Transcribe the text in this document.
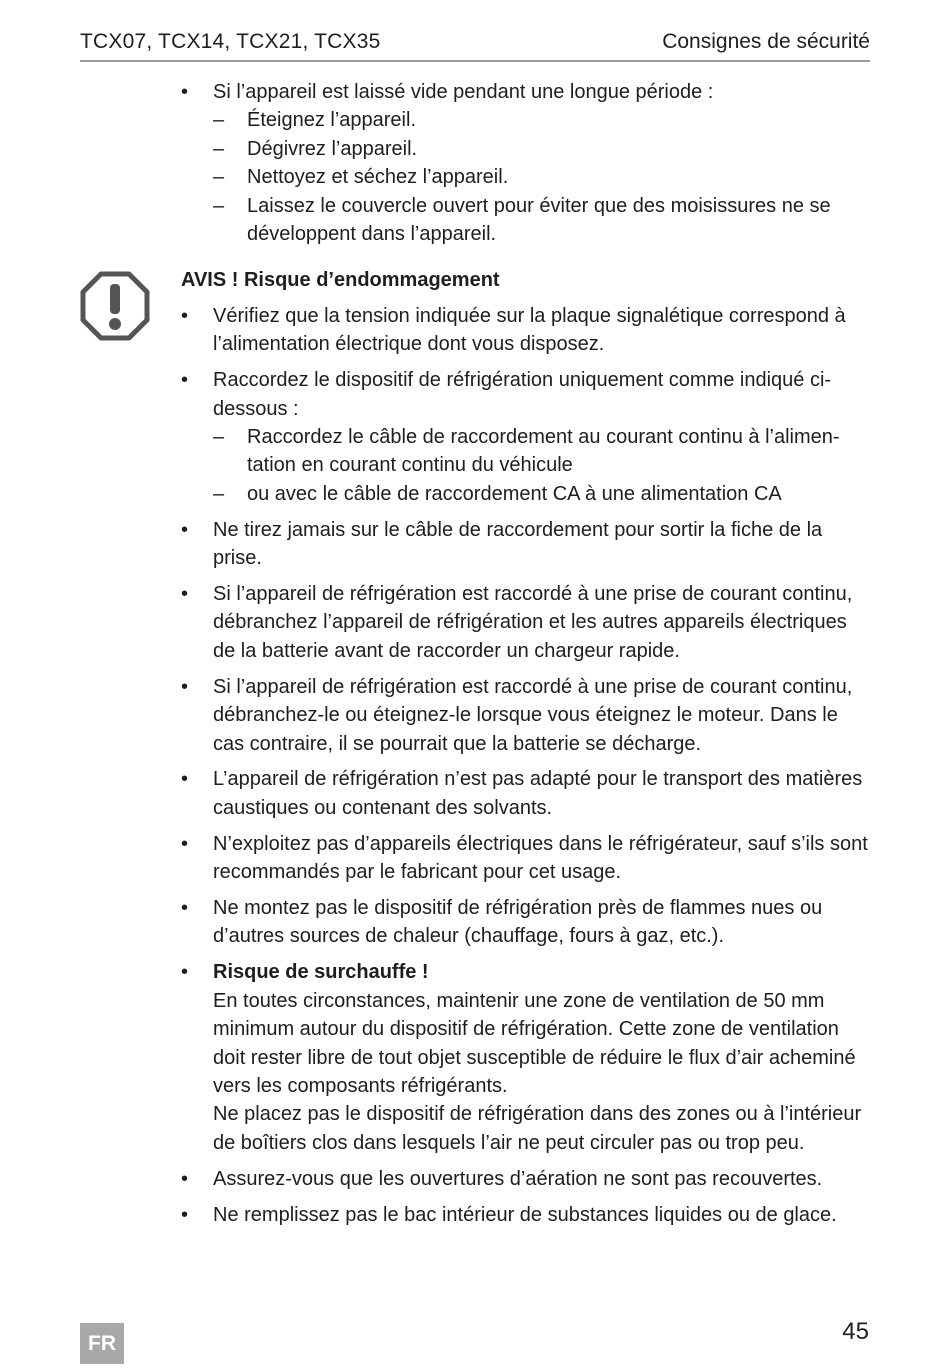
TCX07, TCX14, TCX21, TCX35	Consignes de sécurité
• Si l’appareil est laissé vide pendant une longue période :
– Éteignez l’appareil.
– Dégivrez l’appareil.
– Nettoyez et séchez l’appareil.
– Laissez le couvercle ouvert pour éviter que des moisissures ne se développent dans l’appareil.
AVIS ! Risque d’endommagement
• Vérifiez que la tension indiquée sur la plaque signalétique correspond à l’alimentation électrique dont vous disposez.
• Raccordez le dispositif de réfrigération uniquement comme indiqué ci-dessous :
– Raccordez le câble de raccordement au courant continu à l’alimentation en courant continu du véhicule
– ou avec le câble de raccordement CA à une alimentation CA
• Ne tirez jamais sur le câble de raccordement pour sortir la fiche de la prise.
• Si l’appareil de réfrigération est raccordé à une prise de courant continu, débranchez l’appareil de réfrigération et les autres appareils électriques de la batterie avant de raccorder un chargeur rapide.
• Si l’appareil de réfrigération est raccordé à une prise de courant continu, débranchez-le ou éteignez-le lorsque vous éteignez le moteur. Dans le cas contraire, il se pourrait que la batterie se décharge.
• L’appareil de réfrigération n’est pas adapté pour le transport des matières caustiques ou contenant des solvants.
• N’exploitez pas d’appareils électriques dans le réfrigérateur, sauf s’ils sont recommandés par le fabricant pour cet usage.
• Ne montez pas le dispositif de réfrigération près de flammes nues ou d’autres sources de chaleur (chauffage, fours à gaz, etc.).
• Risque de surchauffe !
En toutes circonstances, maintenir une zone de ventilation de 50 mm minimum autour du dispositif de réfrigération. Cette zone de ventilation doit rester libre de tout objet susceptible de réduire le flux d’air acheminé vers les composants réfrigérants.
Ne placez pas le dispositif de réfrigération dans des zones ou à l’intérieur de boîtiers clos dans lesquels l’air ne peut circuler pas ou trop peu.
• Assurez-vous que les ouvertures d’aération ne sont pas recouvertes.
• Ne remplissez pas le bac intérieur de substances liquides ou de glace.
FR	45
